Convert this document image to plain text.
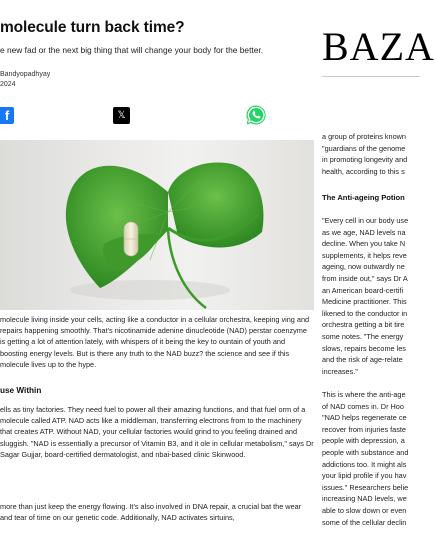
molecule turn back time?
e new fad or the next big thing that will change your body for the better. BAZA
Bandyopadhyay
2024
f	𝕏
molecule living inside your cells, acting like a conductor in a cellular orchestra, keeping ving and repairs happening smoothly. That's nicotinamide adenine dinucleotide (NAD) perstar coenzyme is getting a lot of attention lately, with whispers of it being the key to ountain of youth and boosting energy levels. But is there any truth to the NAD buzz? the science and see if this molecule lives up to the hype.
use Within
ells as tiny factories. They need fuel to power all their amazing functions, and that fuel orm of a molecule called ATP. NAD acts like a middleman, transferring electrons from to the machinery that creates ATP. Without NAD, your cellular factories would grind to you feeling drained and sluggish. "NAD is essentially a precursor of Vitamin B3, and it ole in cellular metabolism," says Dr Sagar Gujjar, board-certified dermatologist, and nbai-based clinic Skinwood.
more than just keep the energy flowing. It's also involved in DNA repair, a crucial bat the wear and tear of time on our genetic code. Additionally, NAD activates sirtuins,
a group of proteins known
"guardians of the genome
in promoting longevity and
health, according to this s
The Anti-ageing Potion
"Every cell in our body use
as we age, NAD levels na
decline. When you take N
supplements, it helps reve
ageing, now outwardly ne
from inside out," says Dr A
an American board-certifi
Medicine practitioner. This
likened to the conductor in
orchestra getting a bit tire
some notes. "The energy
slows, repairs become les
and the risk of age-relate
increases."
This is where the anti-age
of NAD comes in. Dr Hoo
"NAD helps regenerate ce
recover from injuries faste
people with depression, a
people with substance and
addictions too. It might als
your lipid profile if you hav
issues." Researchers belie
increasing NAD levels, we
able to slow down or even
some of the cellular declin
